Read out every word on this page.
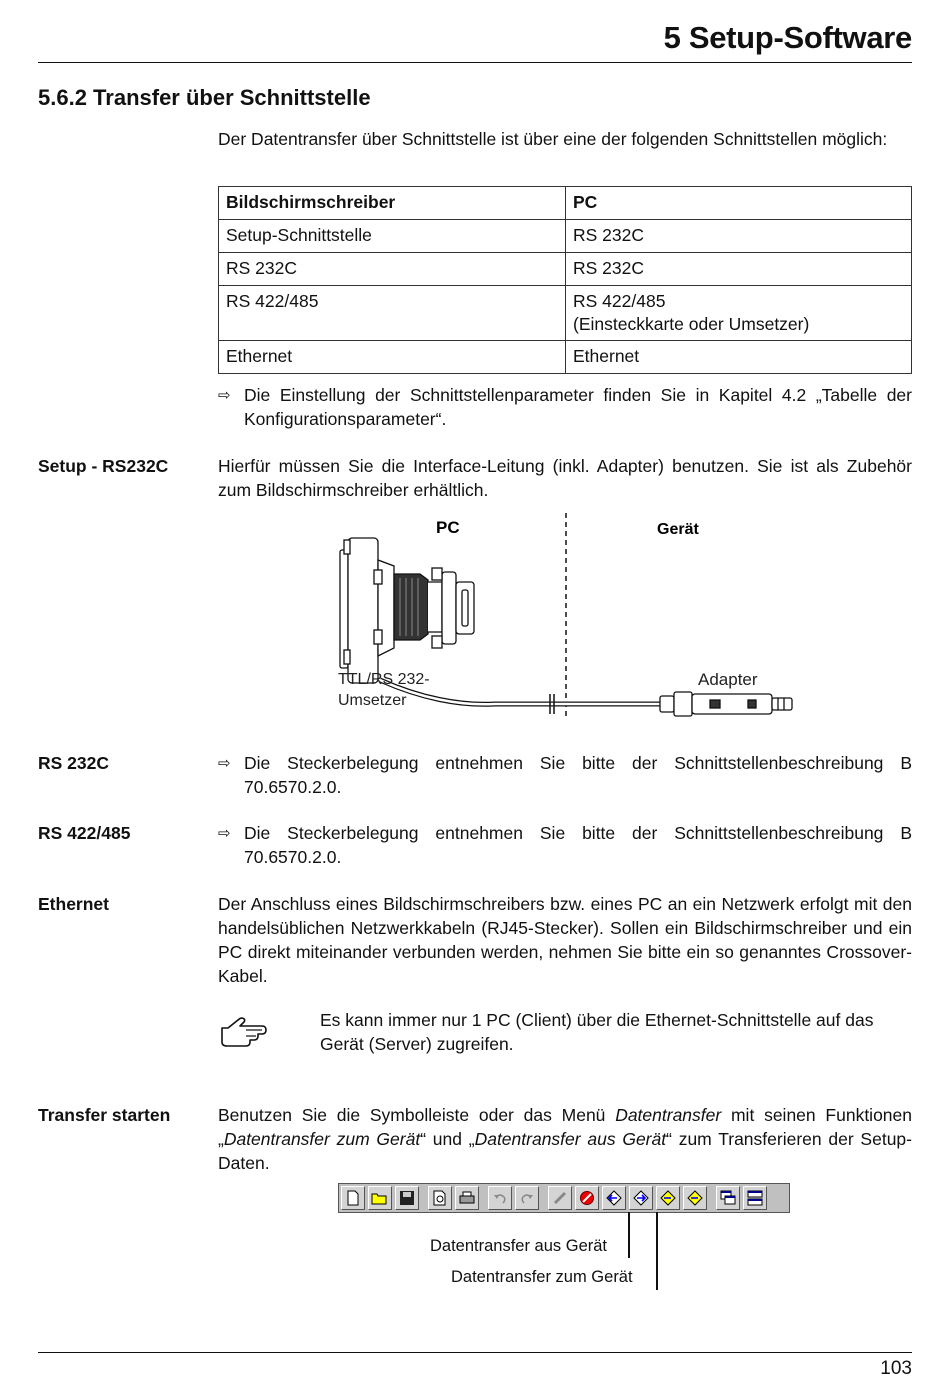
5 Setup-Software
5.6.2 Transfer über Schnittstelle
Der Datentransfer über Schnittstelle ist über eine der folgenden Schnittstellen möglich:
Bildschirmschreiber	PC
Setup-Schnittstelle	RS 232C
RS 232C	RS 232C
RS 422/485	RS 422/485
(Einsteckkarte oder Umsetzer)

Ethernet	Ethernet
⇨ Die Einstellung der Schnittstellenparameter finden Sie in Kapitel 4.2 „Tabelle der Konfigurationsparameter“.
Setup - RS232C	Hierfür müssen Sie die Interface-Leitung (inkl. Adapter) benutzen. Sie ist als Zubehör zum Bildschirmschreiber erhältlich.
PC	Gerät
TTL/RS 232-
Umsetzer
Adapter
RS 232C	⇨ Die Steckerbelegung entnehmen Sie bitte der Schnittstellenbeschreibung B 70.6570.2.0.
RS 422/485	⇨ Die Steckerbelegung entnehmen Sie bitte der Schnittstellenbeschreibung B 70.6570.2.0.
Ethernet	Der Anschluss eines Bildschirmschreibers bzw. eines PC an ein Netzwerk erfolgt mit den handelsüblichen Netzwerkkabeln (RJ45-Stecker). Sollen ein Bildschirmschreiber und ein PC direkt miteinander verbunden werden, nehmen Sie bitte ein so genanntes Crossover-Kabel.
Es kann immer nur 1 PC (Client) über die Ethernet-Schnittstelle auf das Gerät (Server) zugreifen.
Transfer starten	Benutzen Sie die Symbolleiste oder das Menü Datentransfer mit seinen Funktionen „Datentransfer zum Gerät“ und „Datentransfer aus Gerät“ zum Transferieren der Setup-Daten.
Datentransfer aus Gerät
Datentransfer zum Gerät
103
